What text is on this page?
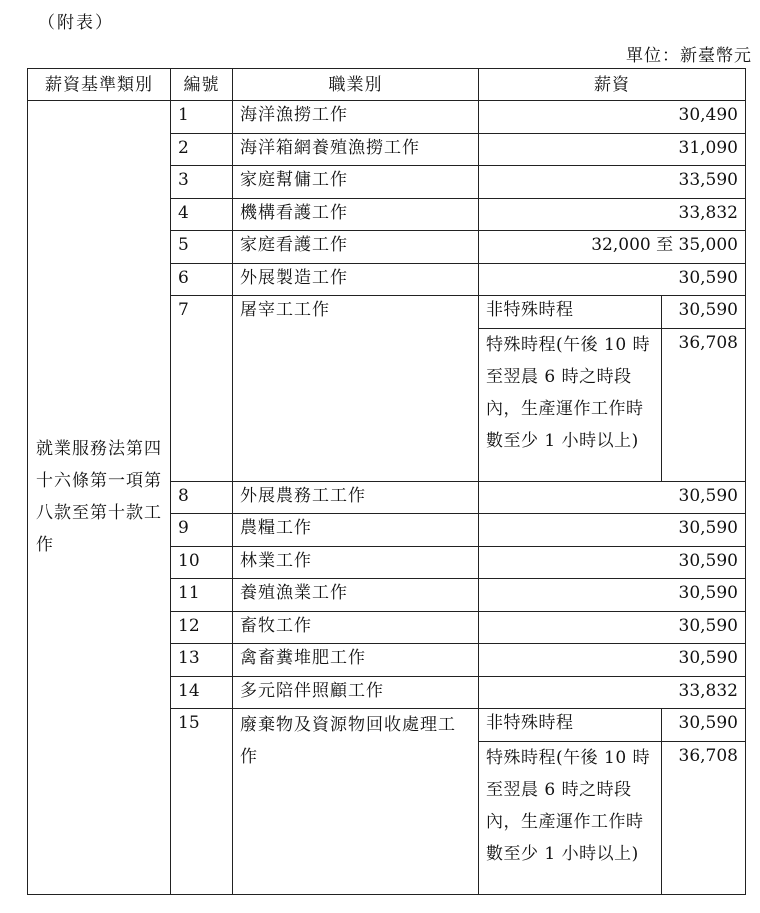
（附表）
單位：新臺幣元
薪資基準類別	編號	職業別	薪資	
就業服務法第四十六條第一項第八款至第十款工作	1	海洋漁撈工作	30,490	
	2	海洋箱網養殖漁撈工作	31,090	
	3	家庭幫傭工作	33,590	
	4	機構看護工作	33,832	
	5	家庭看護工作	32,000 至 35,000	
	6	外展製造工作	30,590	
	7	屠宰工工作	非特殊時程	30,590
			特殊時程(午後 10 時至翌晨 6 時之時段內，生產運作工作時數至少 1 小時以上)	36,708
	8	外展農務工工作	30,590	
	9	農糧工作	30,590	
	10	林業工作	30,590	
	11	養殖漁業工作	30,590	
	12	畜牧工作	30,590	
	13	禽畜糞堆肥工作	30,590	
	14	多元陪伴照顧工作	33,832	
	15	廢棄物及資源物回收處理工作	非特殊時程	30,590
			特殊時程(午後 10 時至翌晨 6 時之時段內，生產運作工作時數至少 1 小時以上)	36,708
